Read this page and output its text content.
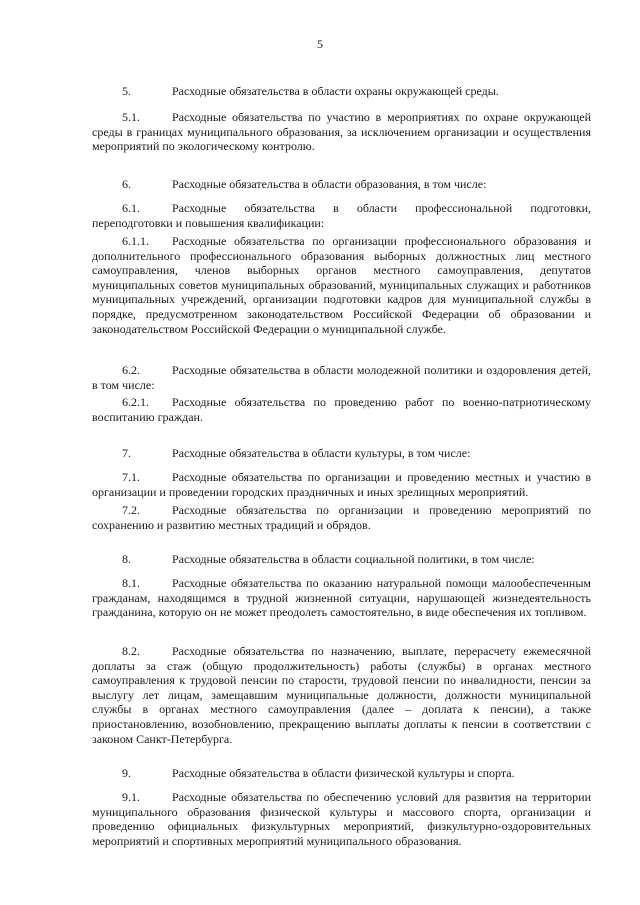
5
5.	Расходные обязательства в области охраны окружающей среды.
5.1.	Расходные обязательства по участию в мероприятиях по охране окружающей среды в границах муниципального образования, за исключением организации и осуществления мероприятий по экологическому контролю.
6.	Расходные обязательства в области образования, в том числе:
6.1.	Расходные обязательства в области профессиональной подготовки, переподготовки и повышения квалификации:
6.1.1. Расходные обязательства по организации профессионального образования и дополнительного профессионального образования выборных должностных лиц местного самоуправления, членов выборных органов местного самоуправления, депутатов муниципальных советов муниципальных образований, муниципальных служащих и работников муниципальных учреждений, организации подготовки кадров для муниципальной службы в порядке, предусмотренном законодательством Российской Федерации об образовании и законодательством Российской Федерации о муниципальной службе.
6.2.	Расходные обязательства в области молодежной политики и оздоровления детей, в том числе:
6.2.1. Расходные обязательства по проведению работ по военно-патриотическому воспитанию граждан.
7.	Расходные обязательства в области культуры, в том числе:
7.1.	Расходные обязательства по организации и проведению местных и участию в организации и проведении городских праздничных и иных зрелищных мероприятий.
7.2.	Расходные обязательства по организации и проведению мероприятий по сохранению и развитию местных традиций и обрядов.
8.	Расходные обязательства в области социальной политики, в том числе:
8.1.	Расходные обязательства по оказанию натуральной помощи малообеспеченным гражданам, находящимся в трудной жизненной ситуации, нарушающей жизнедеятельность гражданина, которую он не может преодолеть самостоятельно, в виде обеспечения их топливом.
8.2.	Расходные обязательства по назначению, выплате, перерасчету ежемесячной доплаты за стаж (общую продолжительность) работы (службы) в органах местного самоуправления к трудовой пенсии по старости, трудовой пенсии по инвалидности, пенсии за выслугу лет лицам, замещавшим муниципальные должности, должности муниципальной службы в органах местного самоуправления (далее – доплата к пенсии), а также приостановлению, возобновлению, прекращению выплаты доплаты к пенсии в соответствии с законом Санкт-Петербурга.
9.	Расходные обязательства в области физической культуры и спорта.
9.1.	Расходные обязательства по обеспечению условий для развития на территории муниципального образования физической культуры и массового спорта, организации и проведению официальных физкультурных мероприятий, физкультурно-оздоровительных мероприятий и спортивных мероприятий муниципального образования.
